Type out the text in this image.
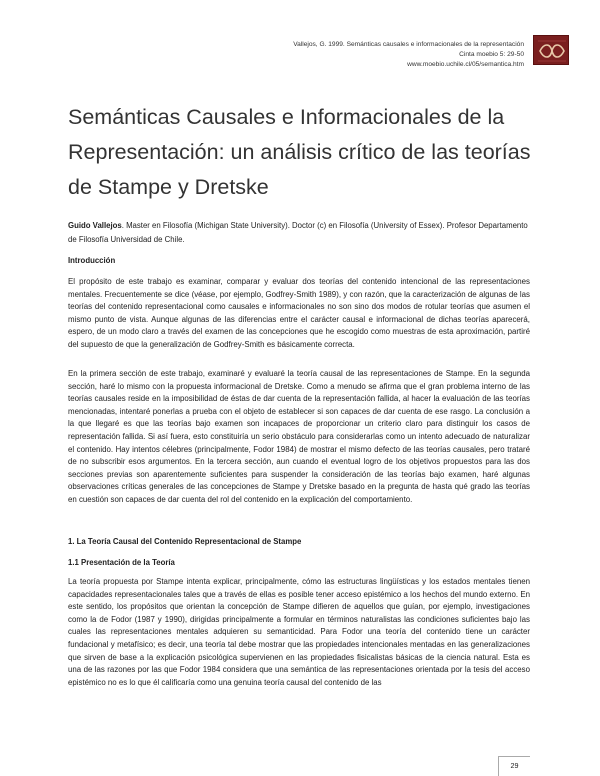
Vallejos, G. 1999. Semánticas causales e informacionales de la representación
Cinta moebio 5: 29-50
www.moebio.uchile.cl/05/semantica.htm
Semánticas Causales e Informacionales de la Representación: un análisis crítico de las teorías de Stampe y Dretske
Guido Vallejos. Master en Filosofía (Michigan State University). Doctor (c) en Filosofía (University of Essex). Profesor Departamento de Filosofía Universidad de Chile.
Introducción

El propósito de este trabajo es examinar, comparar y evaluar dos teorías del contenido intencional de las representaciones mentales. Frecuentemente se dice (véase, por ejemplo, Godfrey-Smith 1989), y con razón, que la caracterización de algunas de las teorías del contenido representacional como causales e informacionales no son sino dos modos de rotular teorías que asumen el mismo punto de vista. Aunque algunas de las diferencias entre el carácter causal e informacional de dichas teorías aparecerá, espero, de un modo claro a través del examen de las concepciones que he escogido como muestras de esta aproximación, partiré del supuesto de que la generalización de Godfrey-Smith es básicamente correcta.

En la primera sección de este trabajo, examinaré y evaluaré la teoría causal de las representaciones de Stampe. En la segunda sección, haré lo mismo con la propuesta informacional de Dretske. Como a menudo se afirma que el gran problema interno de las teorías causales reside en la imposibilidad de éstas de dar cuenta de la representación fallida, al hacer la evaluación de las teorías mencionadas, intentaré ponerlas a prueba con el objeto de establecer si son capaces de dar cuenta de ese rasgo. La conclusión a la que llegaré es que las teorías bajo examen son incapaces de proporcionar un criterio claro para distinguir los casos de representación fallida. Si así fuera, esto constituiría un serio obstáculo para considerarlas como un intento adecuado de naturalizar el contenido. Hay intentos célebres (principalmente, Fodor 1984) de mostrar el mismo defecto de las teorías causales, pero trataré de no subscribir esos argumentos. En la tercera sección, aun cuando el eventual logro de los objetivos propuestos para las dos secciones previas son aparentemente suficientes para suspender la consideración de las teorías bajo examen, haré algunas observaciones críticas generales de las concepciones de Stampe y Dretske basado en la pregunta de hasta qué grado las teorías en cuestión son capaces de dar cuenta del rol del contenido en la explicación del comportamiento.

1. La Teoría Causal del Contenido Representacional de Stampe
1.1 Presentación de la Teoría

La teoría propuesta por Stampe intenta explicar, principalmente, cómo las estructuras lingüísticas y los estados mentales tienen capacidades representacionales tales que a través de ellas es posible tener acceso epistémico a los hechos del mundo externo. En este sentido, los propósitos que orientan la concepción de Stampe difieren de aquellos que guían, por ejemplo, investigaciones como la de Fodor (1987 y 1990), dirigidas principalmente a formular en términos naturalistas las condiciones suficientes bajo las cuales las representaciones mentales adquieren su semanticidad. Para Fodor una teoría del contenido tiene un carácter fundacional y metafísico; es decir, una teoría tal debe mostrar que las propiedades intencionales mentadas en las generalizaciones que sirven de base a la explicación psicológica supervienen en las propiedades fisicalistas básicas de la ciencia natural. Esta es una de las razones por las que Fodor 1984 considera que una semántica de las representaciones orientada por la tesis del acceso epistémico no es lo que él calificaría como una genuina teoría causal del contenido de las

29
